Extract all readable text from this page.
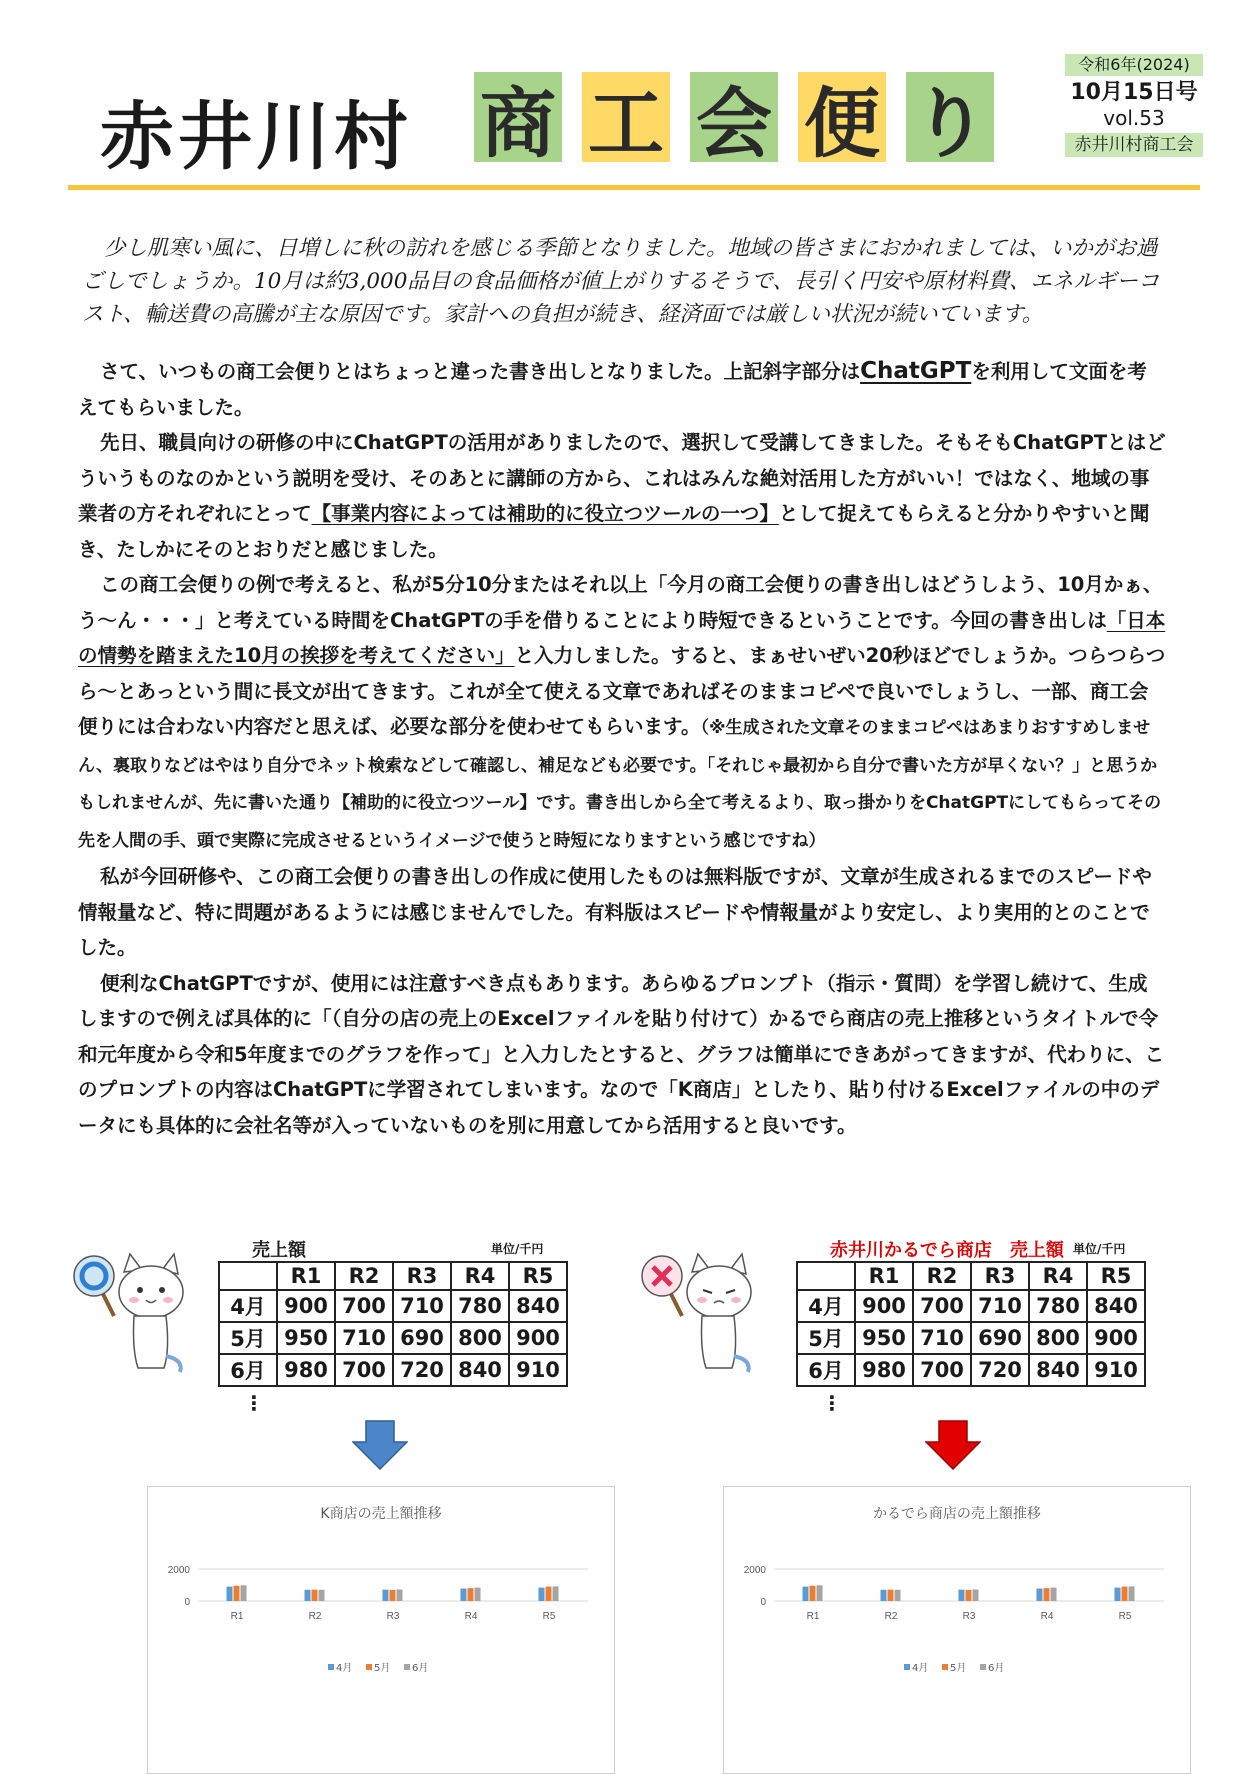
赤井川村 商 工 会 便 り
令和6年(2024)
10月15日号
vol.53
赤井川村商工会
少し肌寒い風に、日増しに秋の訪れを感じる季節となりました。地域の皆さまにおかれましては、いかがお過ごしでしょうか。10月は約3,000品目の食品価格が値上がりするそうで、長引く円安や原材料費、エネルギーコスト、輸送費の高騰が主な原因です。家計への負担が続き、経済面では厳しい状況が続いています。

さて、いつもの商工会便りとはちょっと違った書き出しとなりました。上記斜字部分はChatGPTを利用して文面を考えてもらいました。

先日、職員向けの研修の中にChatGPTの活用がありましたので、選択して受講してきました。そもそもChatGPTとはどういうものなのかという説明を受け、そのあとに講師の方から、これはみんな絶対活用した方がいい！ではなく、地域の事業者の方それぞれにとって【事業内容によっては補助的に役立つツールの一つ】として捉えてもらえると分かりやすいと聞き、たしかにそのとおりだと感じました。

この商工会便りの例で考えると、私が5分10分またはそれ以上「今月の商工会便りの書き出しはどうしよう、10月かぁ、う～ん・・・」と考えている時間をChatGPTの手を借りることにより時短できるということです。今回の書き出しは「日本の情勢を踏まえた10月の挨拶を考えてください」と入力しました。すると、まぁせいぜい20秒ほどでしょうか。つらつらつら～とあっという間に長文が出てきます。これが全て使える文章であればそのままコピペで良いでしょうし、一部、商工会便りには合わない内容だと思えば、必要な部分を使わせてもらいます。（※生成された文章そのままコピペはあまりおすすめしません、裏取りなどはやはり自分でネット検索などして確認し、補足なども必要です。「それじゃ最初から自分で書いた方が早くない？」と思うかもしれませんが、先に書いた通り【補助的に役立つツール】です。書き出しから全て考えるより、取っ掛かりをChatGPTにしてもらってその先を人間の手、頭で実際に完成させるというイメージで使うと時短になりますという感じですね）

私が今回研修や、この商工会便りの書き出しの作成に使用したものは無料版ですが、文章が生成されるまでのスピードや情報量など、特に問題があるようには感じませんでした。有料版はスピードや情報量がより安定し、より実用的とのことでした。

便利なChatGPTですが、使用には注意すべき点もあります。あらゆるプロンプト（指示・質問）を学習し続けて、生成しますので例えば具体的に「（自分の店の売上のExcelファイルを貼り付けて）かるでら商店の売上推移というタイトルで令和元年度から令和5年度までのグラフを作って」と入力したとすると、グラフは簡単にできあがってきますが、代わりに、このプロンプトの内容はChatGPTに学習されてしまいます。なので「K商店」としたり、貼り付けるExcelファイルの中のデータにも具体的に会社名等が入っていないものを別に用意してから活用すると良いです。

売上額	単位/千円
	R1	R2	R3	R4	R5
4月	900	700	710	780	840
5月	950	710	690	800	900
6月	980	700	720	840	910
⋮
赤井川かるでら商店　売上額 単位/千円
	R1	R2	R3	R4	R5
4月	900	700	710	780	840
5月	950	710	690	800	900
6月	980	700	720	840	910
⋮
K商店の売上額推移
2000
0
R1	R2	R3	R4	R5
4月 5月 6月
かるでら商店の売上額推移
2000
0
R1	R2	R3	R4	R5
4月 5月 6月
